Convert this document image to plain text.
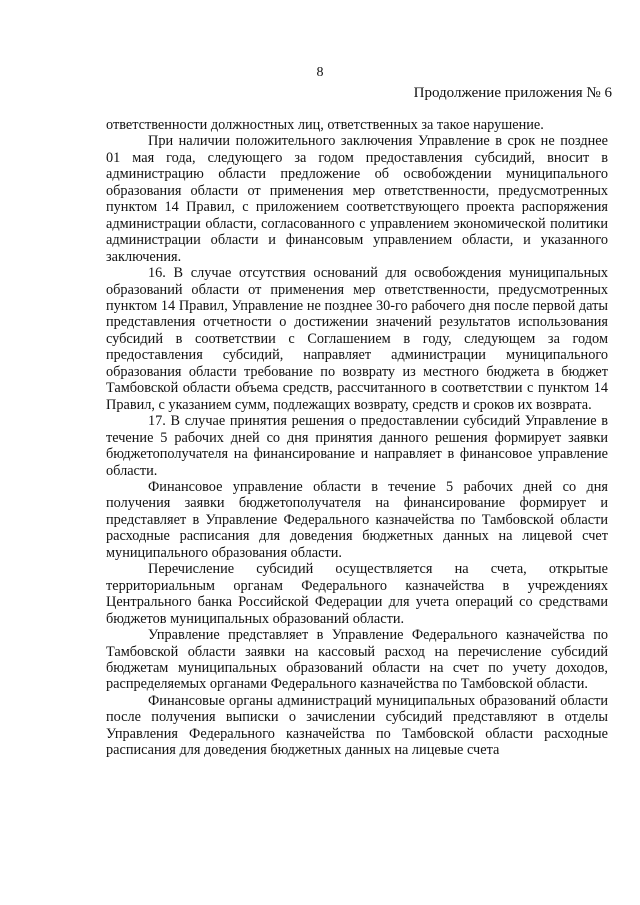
8
Продолжение приложения № 6

ответственности должностных лиц, ответственных за такое нарушение.

При наличии положительного заключения Управление в срок не позднее 01 мая года, следующего за годом предоставления субсидий, вносит в администрацию области предложение об освобождении муниципального образования области от применения мер ответственности, предусмотренных пунктом 14 Правил, с приложением соответствующего проекта распоряжения администрации области, согласованного с управлением экономической политики администрации области и финансовым управлением области, и указанного заключения.

16. В случае отсутствия оснований для освобождения муниципальных образований области от применения мер ответственности, предусмотренных пунктом 14 Правил, Управление не позднее 30-го рабочего дня после первой даты представления отчетности о достижении значений результатов использования субсидий в соответствии с Соглашением в году, следующем за годом предоставления субсидий, направляет администрации муниципального образования области требование по возврату из местного бюджета в бюджет Тамбовской области объема средств, рассчитанного в соответствии с пунктом 14 Правил, с указанием сумм, подлежащих возврату, средств и сроков их возврата.

17. В случае принятия решения о предоставлении субсидий Управление в течение 5 рабочих дней со дня принятия данного решения формирует заявки бюджетополучателя на финансирование и направляет в финансовое управление области.

Финансовое управление области в течение 5 рабочих дней со дня получения заявки бюджетополучателя на финансирование формирует и представляет в Управление Федерального казначейства по Тамбовской области расходные расписания для доведения бюджетных данных на лицевой счет муниципального образования области.

Перечисление субсидий осуществляется на счета, открытые территориальным органам Федерального казначейства в учреждениях Центрального банка Российской Федерации для учета операций со средствами бюджетов муниципальных образований области.

Управление представляет в Управление Федерального казначейства по Тамбовской области заявки на кассовый расход на перечисление субсидий бюджетам муниципальных образований области на счет по учету доходов, распределяемых органами Федерального казначейства по Тамбовской области.

Финансовые органы администраций муниципальных образований области после получения выписки о зачислении субсидий представляют в отделы Управления Федерального казначейства по Тамбовской области расходные расписания для доведения бюджетных данных на лицевые счета
